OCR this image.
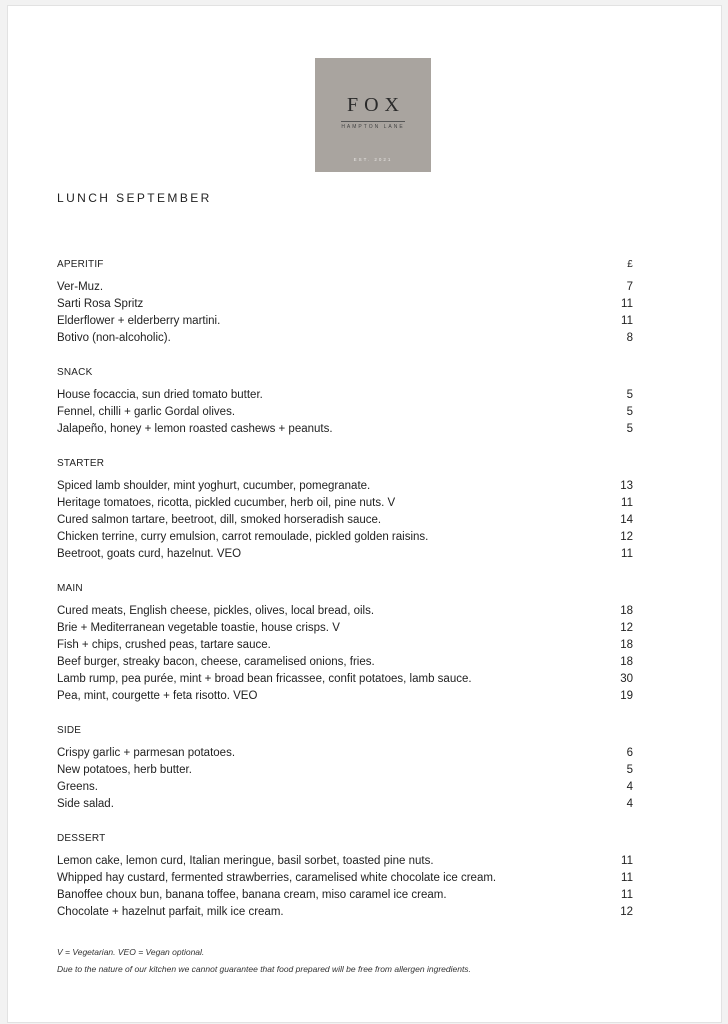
FOX
HAMPTON LANE
EST. 2021
LUNCH SEPTEMBER
APERITIF	£
Ver-Muz.	7
Sarti Rosa Spritz	11
Elderflower + elderberry martini.	11
Botivo (non-alcoholic).	8
SNACK
House focaccia, sun dried tomato butter.	5
Fennel, chilli + garlic Gordal olives.	5
Jalapeño, honey + lemon roasted cashews + peanuts.	5
STARTER
Spiced lamb shoulder, mint yoghurt, cucumber, pomegranate.	13
Heritage tomatoes, ricotta, pickled cucumber, herb oil, pine nuts. V	11
Cured salmon tartare, beetroot, dill, smoked horseradish sauce.	14
Chicken terrine, curry emulsion, carrot remoulade, pickled golden raisins.	12
Beetroot, goats curd, hazelnut. VEO	11
MAIN
Cured meats, English cheese, pickles, olives, local bread, oils.	18
Brie + Mediterranean vegetable toastie, house crisps. V	12
Fish + chips, crushed peas, tartare sauce.	18
Beef burger, streaky bacon, cheese, caramelised onions, fries.	18
Lamb rump, pea purée, mint + broad bean fricassee, confit potatoes, lamb sauce.	30
Pea, mint, courgette + feta risotto. VEO	19
SIDE
Crispy garlic + parmesan potatoes.	6
New potatoes, herb butter.	5
Greens.	4
Side salad.	4
DESSERT
Lemon cake, lemon curd, Italian meringue, basil sorbet, toasted pine nuts.	11
Whipped hay custard, fermented strawberries, caramelised white chocolate ice cream.	11
Banoffee choux bun, banana toffee, banana cream, miso caramel ice cream.	11
Chocolate + hazelnut parfait, milk ice cream.	12
V = Vegetarian. VEO = Vegan optional.
Due to the nature of our kitchen we cannot guarantee that food prepared will be free from allergen ingredients.
